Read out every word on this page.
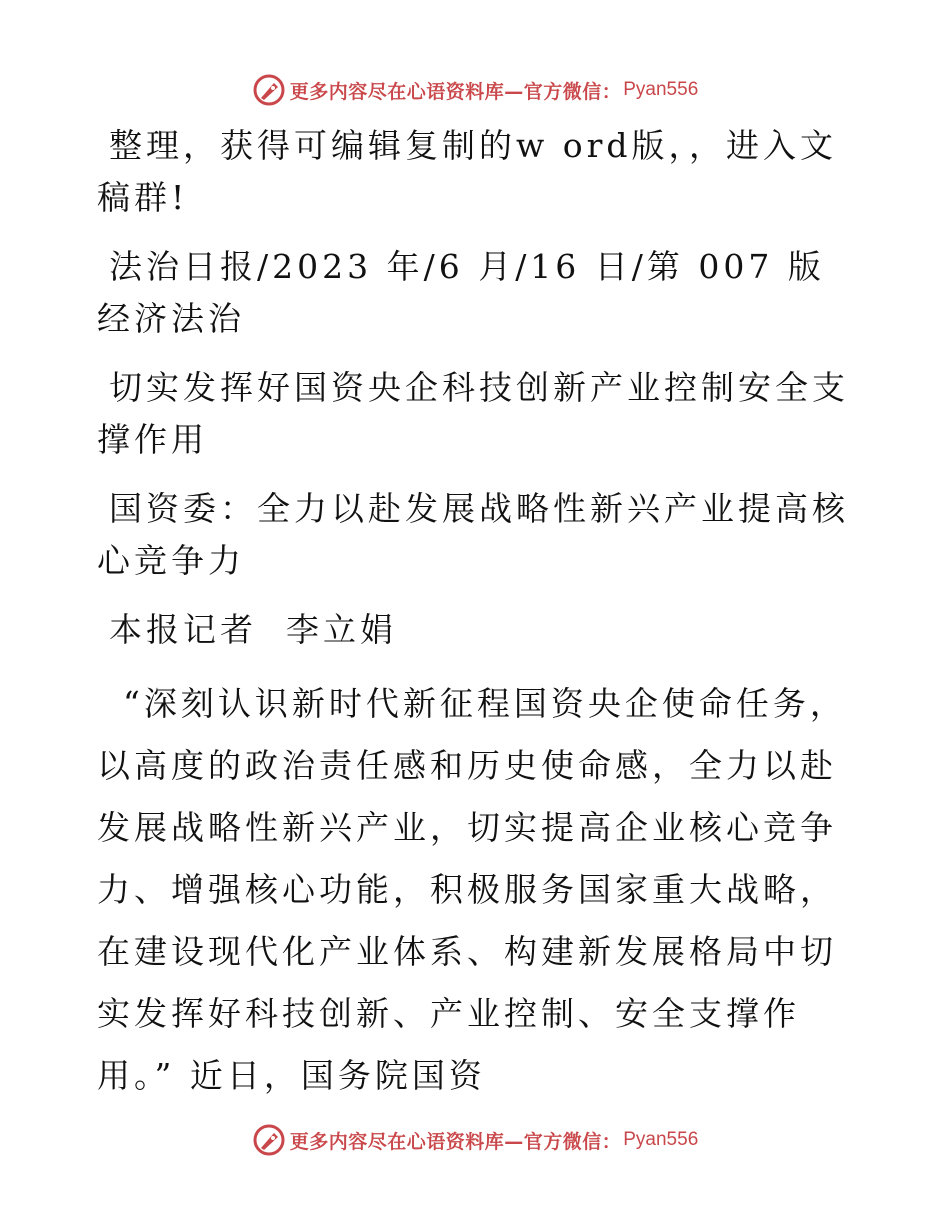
更多内容尽在心语资料库—官方微信： Pyan556

整理，获得可编辑复制的w ord版，，进入文稿群!

法治日报/2023 年/6 月/16 日/第 007 版经济法治

切实发挥好国资央企科技创新产业控制安全支撑作用

国资委：全力以赴发展战略性新兴产业提高核心竞争力

本报记者  李立娟

“深刻认识新时代新征程国资央企使命任务，以高度的政治责任感和历史使命感，全力以赴发展战略性新兴产业，切实提高企业核心竞争力、增强核心功能，积极服务国家重大战略，在建设现代化产业体系、构建新发展格局中切实发挥好科技创新、产业控制、安全支撑作用。” 近日，国务院国资

更多内容尽在心语资料库—官方微信： Pyan556
